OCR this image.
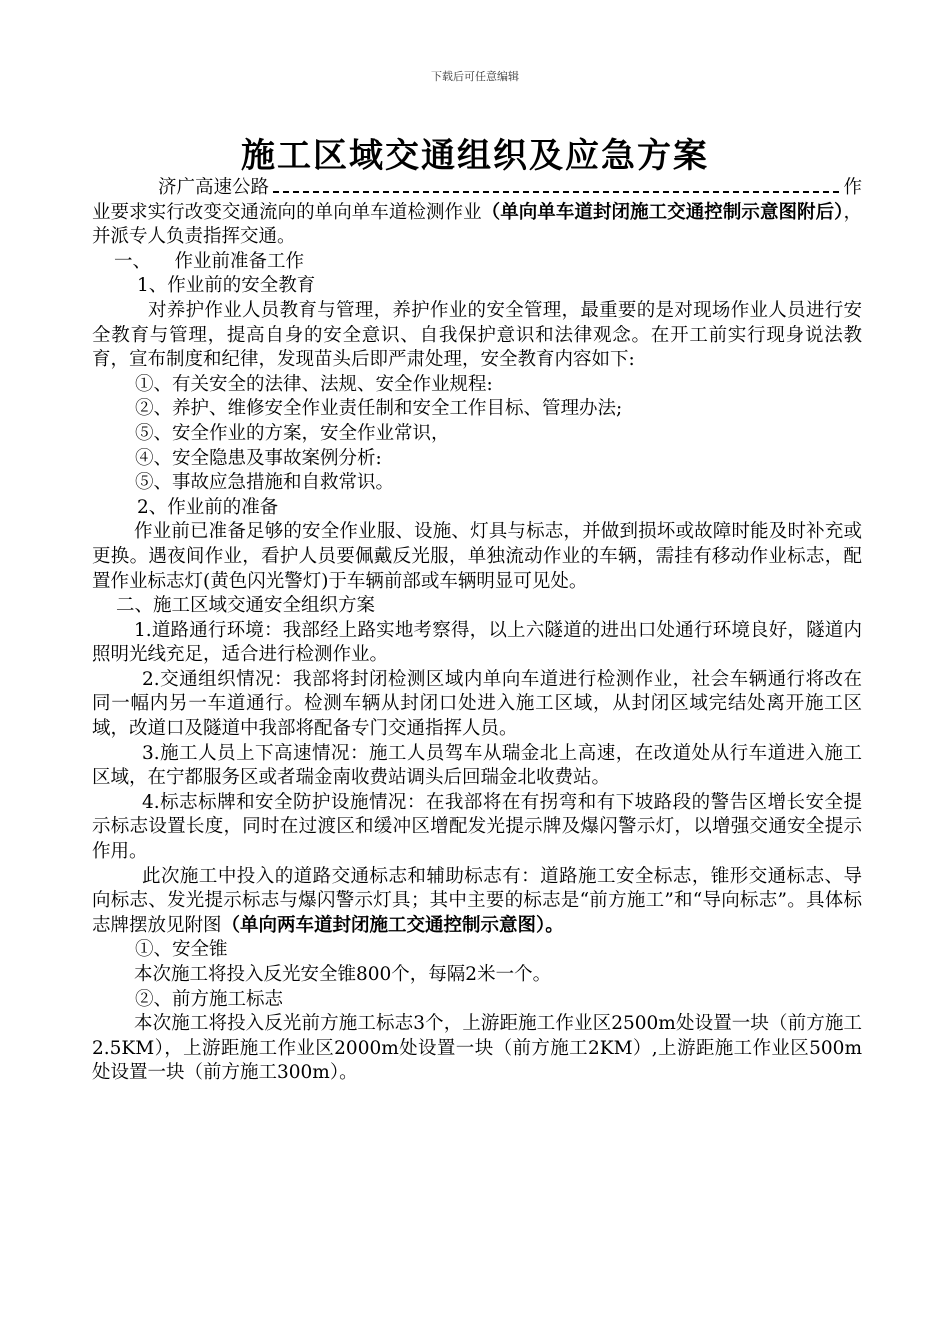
下载后可任意编辑
施工区域交通组织及应急方案
济广高速公路	作

业要求实行改变交通流向的单向单车道检测作业（单向单车道封闭施工交通控制示意图附后），并派专人负责指挥交通。

一、    作业前准备工作

1、作业前的安全教育

对养护作业人员教育与管理，养护作业的安全管理，最重要的是对现场作业人员进行安全教育与管理，提高自身的安全意识、自我保护意识和法律观念。在开工前实行现身说法教育，宣布制度和纪律，发现苗头后即严肃处理，安全教育内容如下:

①、有关安全的法律、法规、安全作业规程:

②、养护、维修安全作业责任制和安全工作目标、管理办法;

⑤、安全作业的方案，安全作业常识，

④、安全隐患及事故案例分析:

⑤、事故应急措施和自救常识。

2、作业前的准备

作业前已准备足够的安全作业服、设施、灯具与标志，并做到损坏或故障时能及时补充或更换。遇夜间作业，看护人员要佩戴反光服，单独流动作业的车辆，需挂有移动作业标志，配置作业标志灯(黄色闪光警灯)于车辆前部或车辆明显可见处。

二、施工区域交通安全组织方案

1.道路通行环境：我部经上路实地考察得，以上六隧道的进出口处通行环境良好，隧道内照明光线充足，适合进行检测作业。

2.交通组织情况：我部将封闭检测区域内单向车道进行检测作业，社会车辆通行将改在同一幅内另一车道通行。检测车辆从封闭口处进入施工区域，从封闭区域完结处离开施工区域，改道口及隧道中我部将配备专门交通指挥人员。

3.施工人员上下高速情况：施工人员驾车从瑞金北上高速，在改道处从行车道进入施工区域，在宁都服务区或者瑞金南收费站调头后回瑞金北收费站。

4.标志标牌和安全防护设施情况：在我部将在有拐弯和有下坡路段的警告区增长安全提示标志设置长度，同时在过渡区和缓冲区增配发光提示牌及爆闪警示灯，以增强交通安全提示作用。

此次施工中投入的道路交通标志和辅助标志有：道路施工安全标志，锥形交通标志、导向标志、发光提示标志与爆闪警示灯具；其中主要的标志是“前方施工”和“导向标志”。具体标志牌摆放见附图（单向两车道封闭施工交通控制示意图）。

①、安全锥

本次施工将投入反光安全锥800个，每隔2米一个。

②、前方施工标志

本次施工将投入反光前方施工标志3个，上游距施工作业区2500m处设置一块（前方施工2.5KM），上游距施工作业区2000m处设置一块（前方施工2KM）,上游距施工作业区500m处设置一块（前方施工300m）。
